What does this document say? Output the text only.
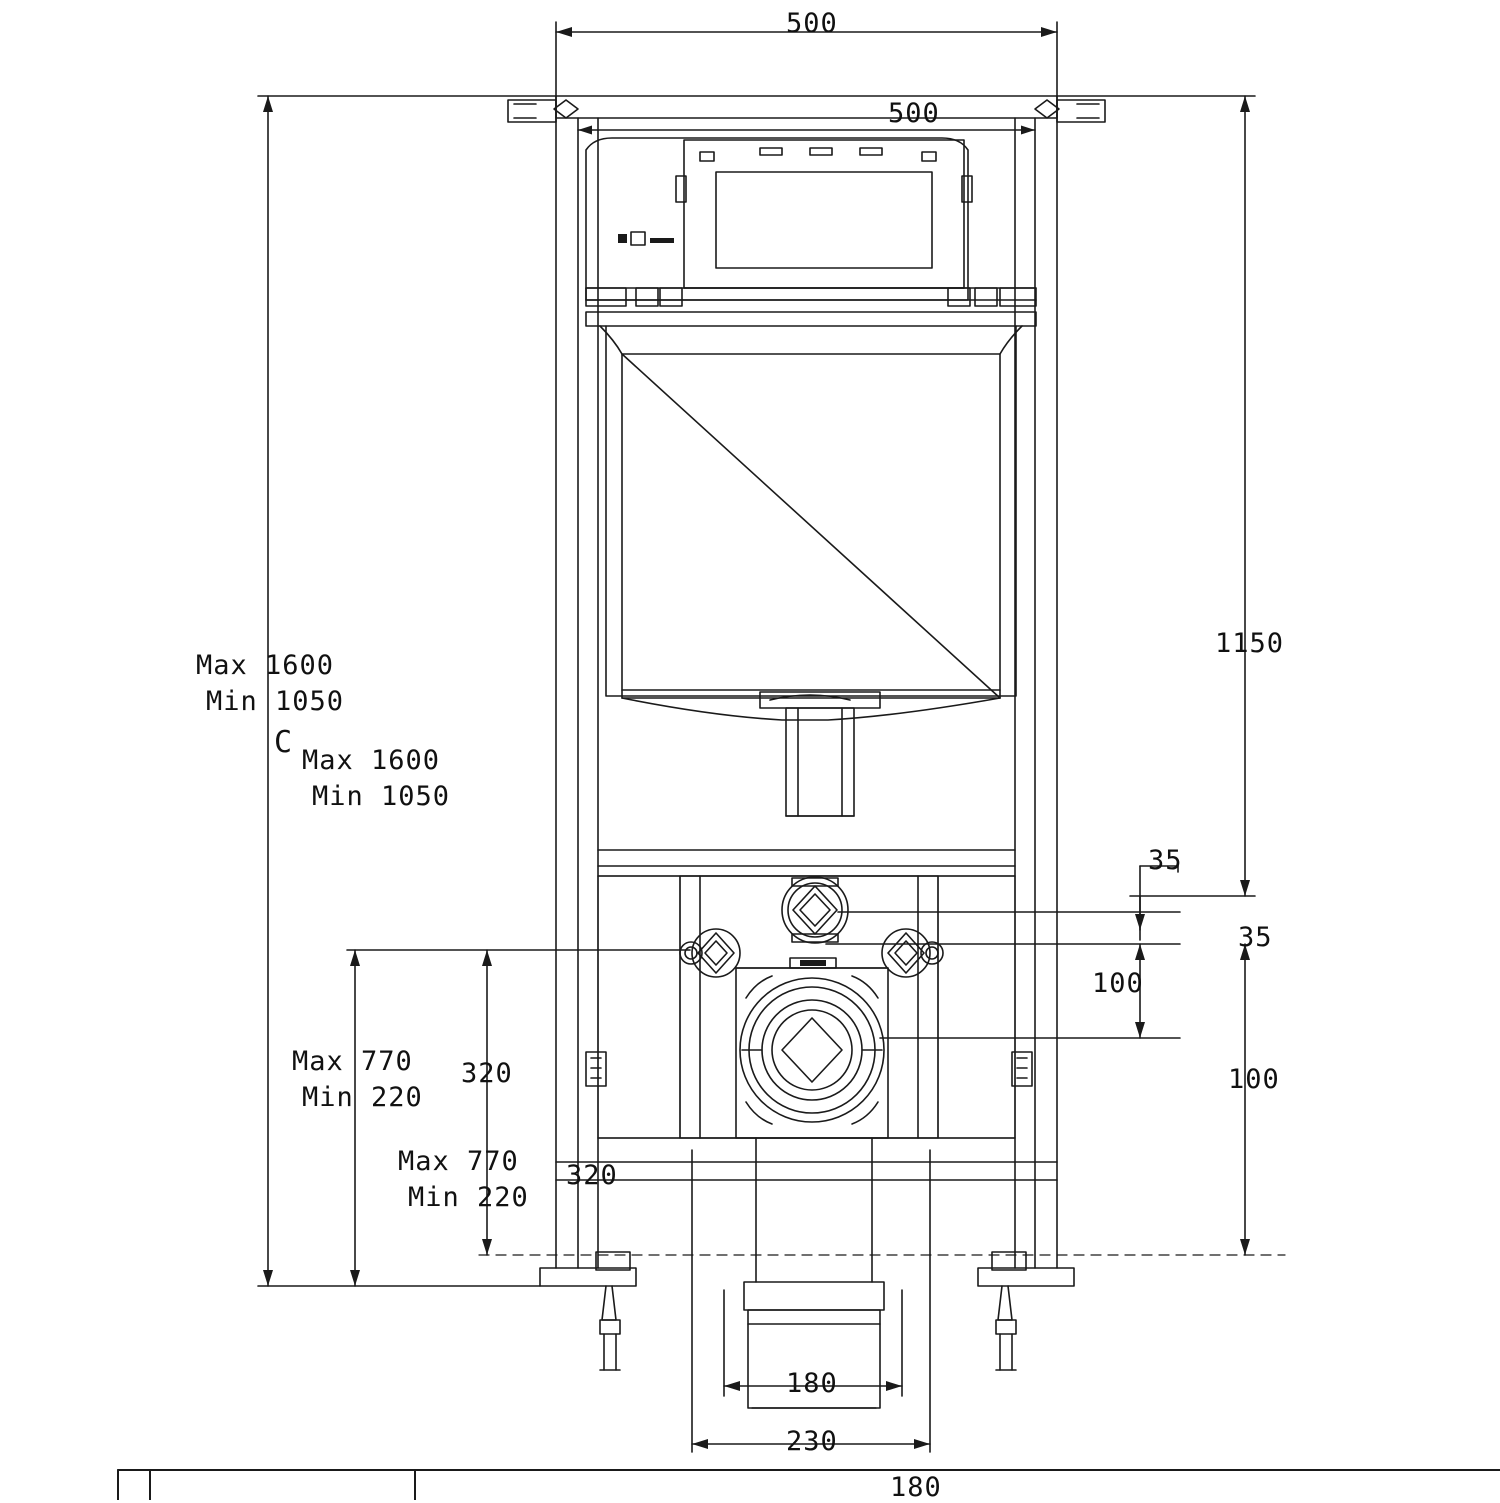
500
500
1150
35
35
100
100
Max 1600
Min 1050
C
Max 1600
Min 1050
Max 770
Min 220
Max 770
Min 220
320
320
180
230
180
